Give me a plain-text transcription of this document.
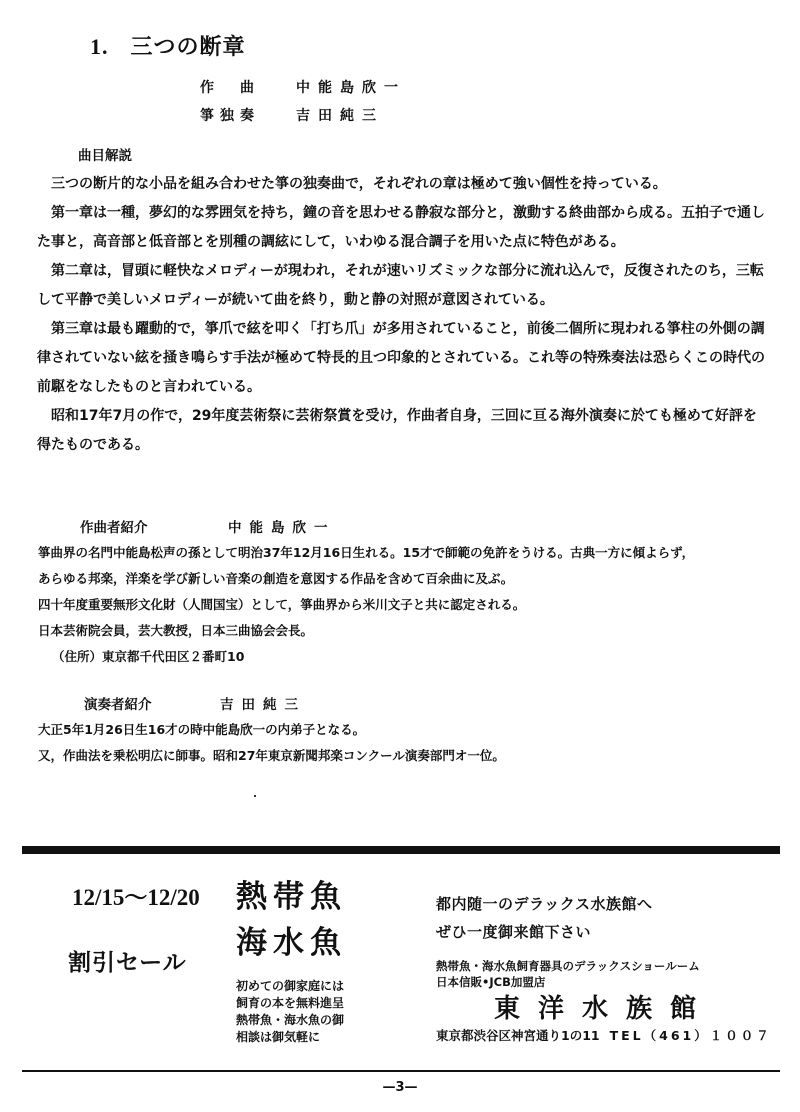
1. 三つの断章
作　曲	中能島欣一
箏独奏	吉田純三
曲目解説

三つの断片的な小品を組み合わせた箏の独奏曲で，それぞれの章は極めて強い個性を持っている。

第一章は一種，夢幻的な雰囲気を持ち，鐘の音を思わせる静寂な部分と，激動する終曲部から成る。五拍子で通した事と，高音部と低音部とを別種の調絃にして，いわゆる混合調子を用いた点に特色がある。

第二章は，冒頭に軽快なメロディーが現われ，それが速いリズミックな部分に流れ込んで，反復されたのち，三転して平静で美しいメロディーが続いて曲を終り，動と静の対照が意図されている。

第三章は最も躍動的で，箏爪で絃を叩く「打ち爪」が多用されていること，前後二個所に現われる箏柱の外側の調律されていない絃を掻き鳴らす手法が極めて特長的且つ印象的とされている。これ等の特殊奏法は恐らくこの時代の前駆をなしたものと言われている。

昭和17年7月の作で，29年度芸術祭に芸術祭賞を受け，作曲者自身，三回に亘る海外演奏に於ても極めて好評を得たものである。

作曲者紹介	中能島欣一
箏曲界の名門中能島松声の孫として明治37年12月16日生れる。15才で師範の免許をうける。古典一方に傾よらず，
あらゆる邦楽，洋楽を学び新しい音楽の創造を意図する作品を含めて百余曲に及ぶ。
四十年度重要無形文化財（人間国宝）として，箏曲界から米川文子と共に認定される。
日本芸術院会員，芸大教授，日本三曲協会会長。
（住所）東京都千代田区２番町10
演奏者紹介	吉田純三
大正5年1月26日生16才の時中能島欣一の内弟子となる。
又，作曲法を乗松明広に師事。昭和27年東京新聞邦楽コンクール演奏部門オ一位。
12/15～12/20
割引セール
熱帯魚
海水魚
初めての御家庭には
飼育の本を無料進呈
熱帯魚・海水魚の御
相談は御気軽に
都内随一のデラックス水族館へ
ぜひ一度御来館下さい
熱帯魚・海水魚飼育器具のデラックスショールーム
日本信販•JCB加盟店
東洋水族館
東京都渋谷区神宮通り1の11 TEL（461）１００７
—3—
